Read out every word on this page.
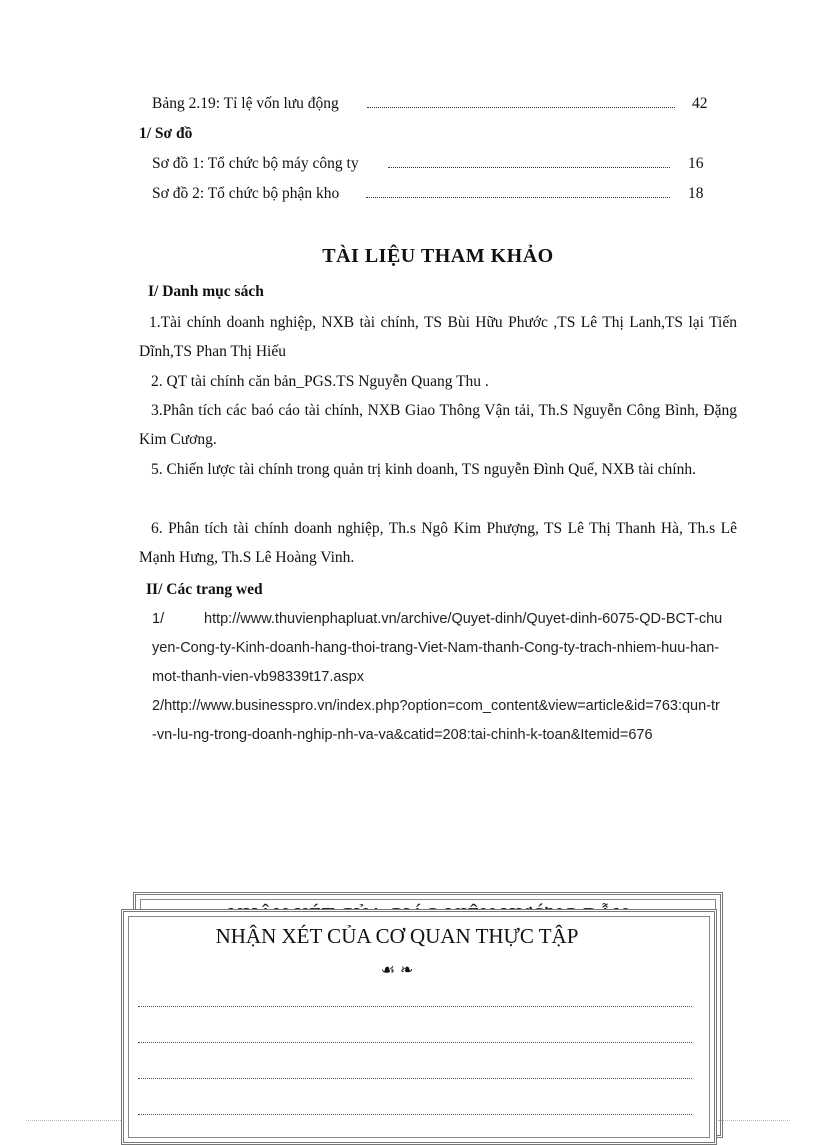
Bảng 2.19: Tỉ lệ vốn lưu động	42
1/ Sơ đồ
Sơ đồ 1: Tổ chức bộ máy công ty	16
Sơ đồ 2: Tổ chức bộ phận kho	18
TÀI LIỆU THAM KHẢO
I/ Danh mục sách
1.Tài chính doanh nghiệp, NXB tài chính, TS Bùi Hữu Phước ,TS Lê Thị Lanh,TS lại Tiến Dĩnh,TS Phan Thị Hiếu
2. QT tài chính căn bản_PGS.TS Nguyễn Quang Thu .
3.Phân tích các baó cáo tài chính, NXB Giao Thông Vận tải, Th.S Nguyễn Công Bình, Đặng Kim Cương.
5. Chiến lược tài chính trong quản trị kinh doanh, TS nguyễn Đình Quế, NXB tài chính.
6. Phân tích tài chính doanh nghiệp, Th.s Ngô Kim Phượng, TS Lê Thị Thanh Hà, Th.s Lê Mạnh Hưng, Th.S Lê Hoàng Vinh.
II/ Các trang wed
1/	http://www.thuvienphapluat.vn/archive/Quyet-dinh/Quyet-dinh-6075-QD-BCT-chuyen-Cong-ty-Kinh-doanh-hang-thoi-trang-Viet-Nam-thanh-Cong-ty-trach-nhiem-huu-han-mot-thanh-vien-vb98339t17.aspx
2/http://www.businesspro.vn/index.php?option=com_content&view=article&id=763:qun-tr-vn-lu-ng-trong-doanh-nghip-nh-va-va&catid=208:tai-chinh-k-toan&Itemid=676
NHẬN XÉT CỦA CƠ QUAN THỰC TẬP
☙ ❧
